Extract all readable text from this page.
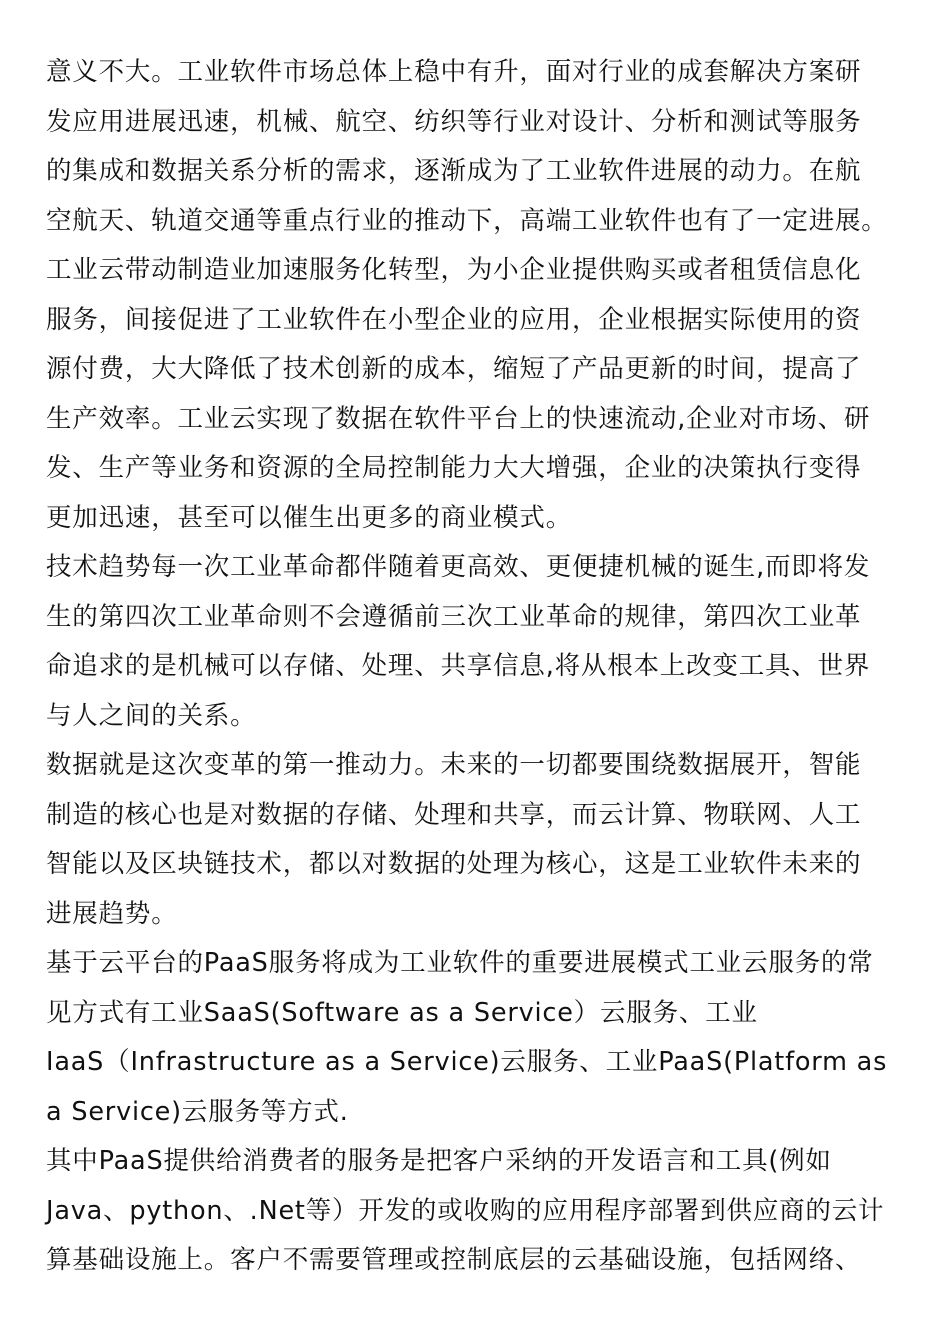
意义不大。工业软件市场总体上稳中有升，面对行业的成套解决方案研
发应用进展迅速，机械、航空、纺织等行业对设计、分析和测试等服务
的集成和数据关系分析的需求，逐渐成为了工业软件进展的动力。在航
空航天、轨道交通等重点行业的推动下，高端工业软件也有了一定进展。
工业云带动制造业加速服务化转型，为小企业提供购买或者租赁信息化
服务，间接促进了工业软件在小型企业的应用，企业根据实际使用的资
源付费，大大降低了技术创新的成本，缩短了产品更新的时间，提高了
生产效率。工业云实现了数据在软件平台上的快速流动,企业对市场、研
发、生产等业务和资源的全局控制能力大大增强，企业的决策执行变得
更加迅速，甚至可以催生出更多的商业模式。
技术趋势每一次工业革命都伴随着更高效、更便捷机械的诞生,而即将发
生的第四次工业革命则不会遵循前三次工业革命的规律，第四次工业革
命追求的是机械可以存储、处理、共享信息,将从根本上改变工具、世界
与人之间的关系。
数据就是这次变革的第一推动力。未来的一切都要围绕数据展开，智能
制造的核心也是对数据的存储、处理和共享，而云计算、物联网、人工
智能以及区块链技术，都以对数据的处理为核心，这是工业软件未来的
进展趋势。
基于云平台的PaaS服务将成为工业软件的重要进展模式工业云服务的常
见方式有工业SaaS(Software as a Service）云服务、工业
IaaS（Infrastructure as a Service)云服务、工业PaaS(Platform as
a Service)云服务等方式.
其中PaaS提供给消费者的服务是把客户采纳的开发语言和工具(例如
Java、python、.Net等）开发的或收购的应用程序部署到供应商的云计
算基础设施上。客户不需要管理或控制底层的云基础设施，包括网络、
